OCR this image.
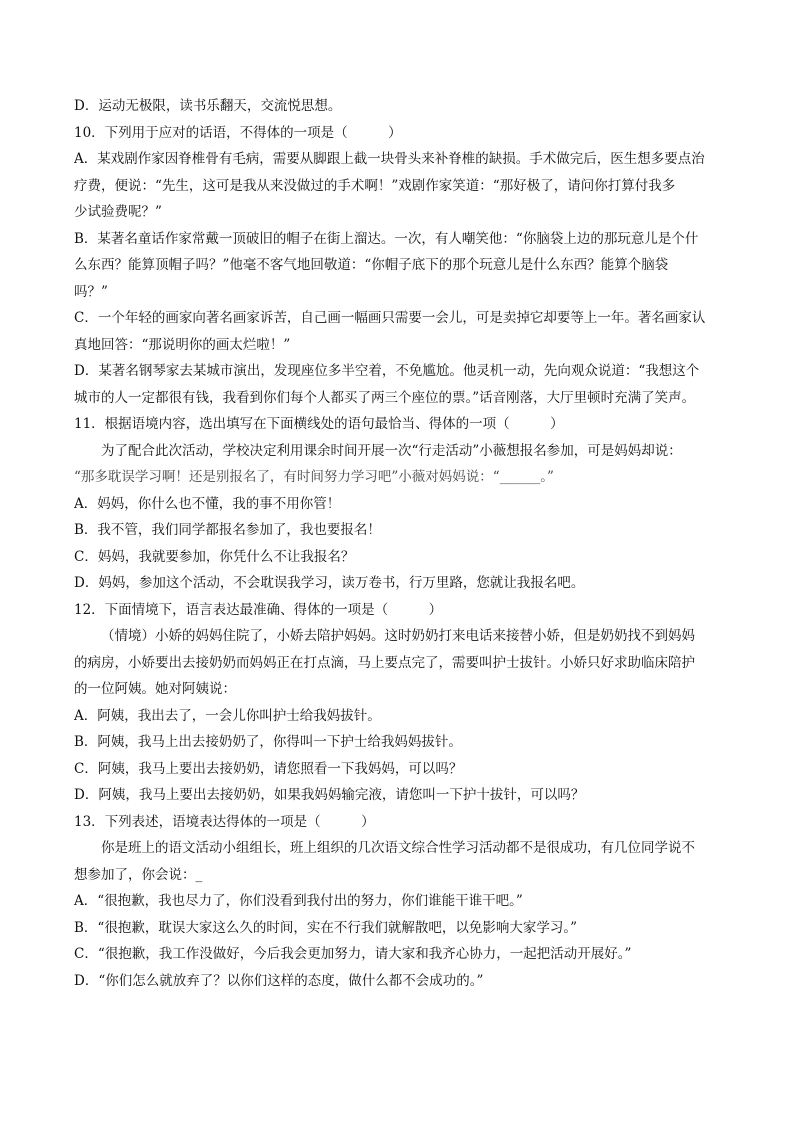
D．运动无极限，读书乐翻天，交流悦思想。
10．下列用于应对的话语，不得体的一项是（　　　）
A．某戏剧作家因脊椎骨有毛病，需要从脚跟上截一块骨头来补脊椎的缺损。手术做完后，医生想多要点治
疗费，便说：“先生，这可是我从来没做过的手术啊！”戏剧作家笑道：“那好极了，请问你打算付我多
少试验费呢？”
B．某著名童话作家常戴一顶破旧的帽子在街上溜达。一次，有人嘲笑他：“你脑袋上边的那玩意儿是个什
么东西？能算顶帽子吗？”他毫不客气地回敬道：“你帽子底下的那个玩意儿是什么东西？能算个脑袋
吗？”
C．一个年轻的画家向著名画家诉苦，自己画一幅画只需要一会儿，可是卖掉它却要等上一年。著名画家认
真地回答：“那说明你的画太烂啦！”
D．某著名钢琴家去某城市演出，发现座位多半空着，不免尴尬。他灵机一动，先向观众说道：“我想这个
城市的人一定都很有钱，我看到你们每个人都买了两三个座位的票。”话音刚落，大厅里顿时充满了笑声。
11．根据语境内容，选出填写在下面横线处的语句最恰当、得体的一项（　　　）
为了配合此次活动，学校决定利用课余时间开展一次“行走活动”小薇想报名参加，可是妈妈却说：
“那多耽误学习啊！还是别报名了，有时间努力学习吧”小薇对妈妈说：“______。”
A．妈妈，你什么也不懂，我的事不用你管！
B．我不管，我们同学都报名参加了，我也要报名！
C．妈妈，我就要参加，你凭什么不让我报名？
D．妈妈，参加这个活动，不会耽误我学习，读万卷书，行万里路，您就让我报名吧。
12．下面情境下，语言表达最准确、得体的一项是（　　　）
（情境）小娇的妈妈住院了，小娇去陪护妈妈。这时奶奶打来电话来接替小娇，但是奶奶找不到妈妈
的病房，小娇要出去接奶奶而妈妈正在打点滴，马上要点完了，需要叫护士拔针。小娇只好求助临床陪护
的一位阿姨。她对阿姨说：
A．阿姨，我出去了，一会儿你叫护士给我妈拔针。
B．阿姨，我马上出去接奶奶了，你得叫一下护士给我妈妈拔针。
C．阿姨，我马上要出去接奶奶，请您照看一下我妈妈，可以吗？
D．阿姨，我马上要出去接奶奶，如果我妈妈输完液，请您叫一下护十拔针，可以吗？
13．下列表述，语境表达得体的一项是（　　　）
你是班上的语文活动小组组长，班上组织的几次语文综合性学习活动都不是很成功，有几位同学说不
想参加了，你会说：_
A．“很抱歉，我也尽力了，你们没看到我付出的努力，你们谁能干谁干吧。”
B．“很抱歉，耽误大家这么久的时间，实在不行我们就解散吧，以免影响大家学习。”
C．“很抱歉，我工作没做好，今后我会更加努力，请大家和我齐心协力，一起把活动开展好。”
D．“你们怎么就放弃了？以你们这样的态度，做什么都不会成功的。”
